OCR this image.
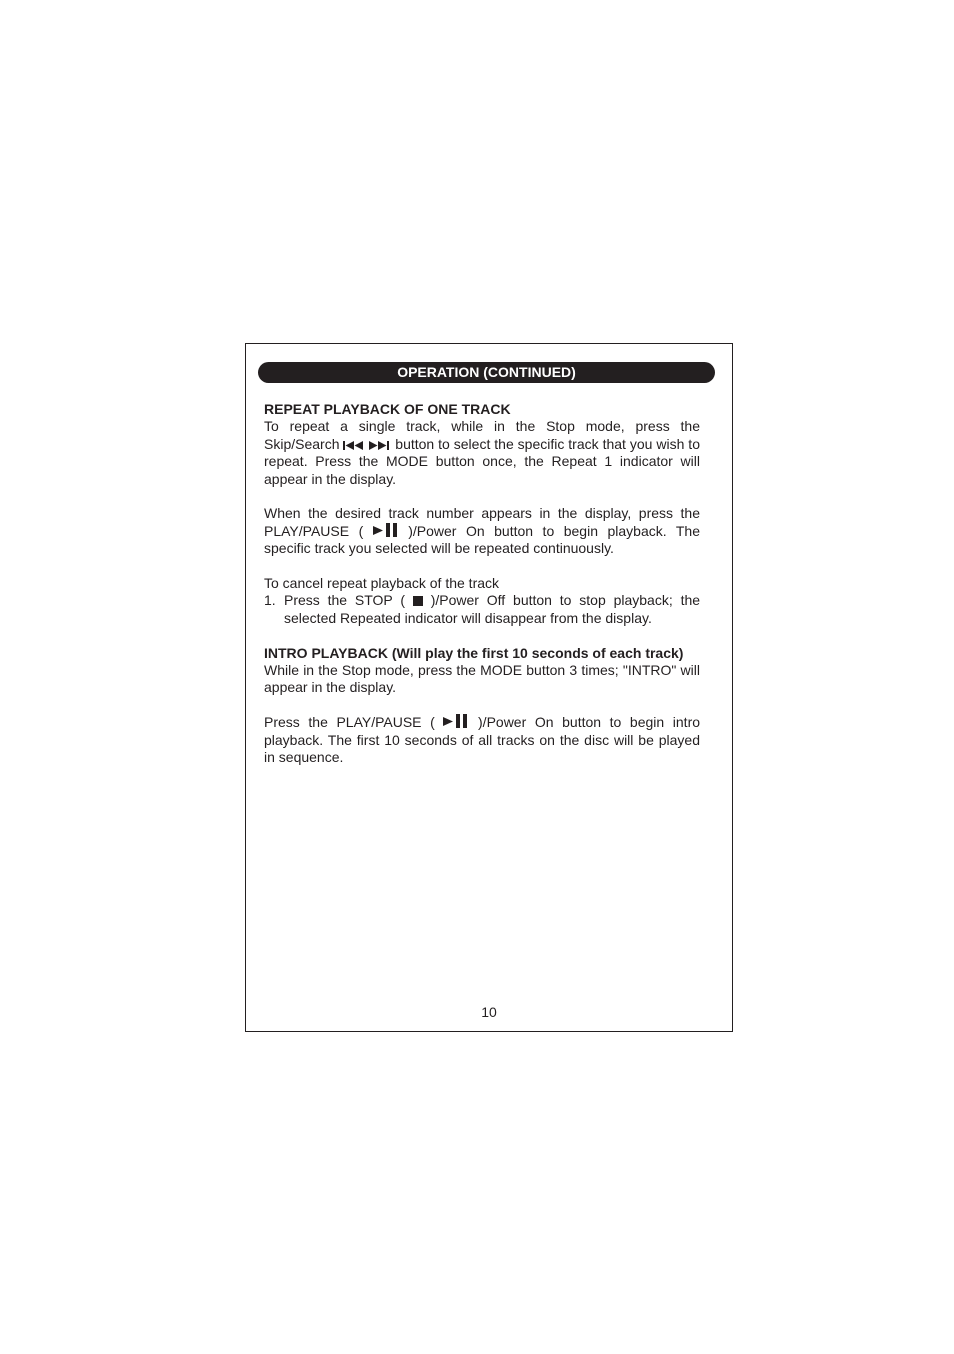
OPERATION (CONTINUED)

REPEAT PLAYBACK OF ONE TRACK

To repeat a single track, while in the Stop mode, press the Skip/Search	button to select the specific track that you wish to repeat. Press the MODE button once, the Repeat 1 indicator will appear in the display.

When the desired track number appears in the display, press the PLAY/PAUSE (	)/Power On button to begin playback. The specific track you selected will be repeated continuously.

To cancel repeat playback of the track

1. Press the STOP ( )/Power Off button to stop playback; the selected Repeated indicator will disappear from the display.

INTRO PLAYBACK (Will play the first 10 seconds of each track)

While in the Stop mode, press the MODE button 3 times; "INTRO" will appear in the display.

Press the PLAY/PAUSE (	)/Power On button to begin intro playback. The first 10 seconds of all tracks on the disc will be played in sequence.

10
